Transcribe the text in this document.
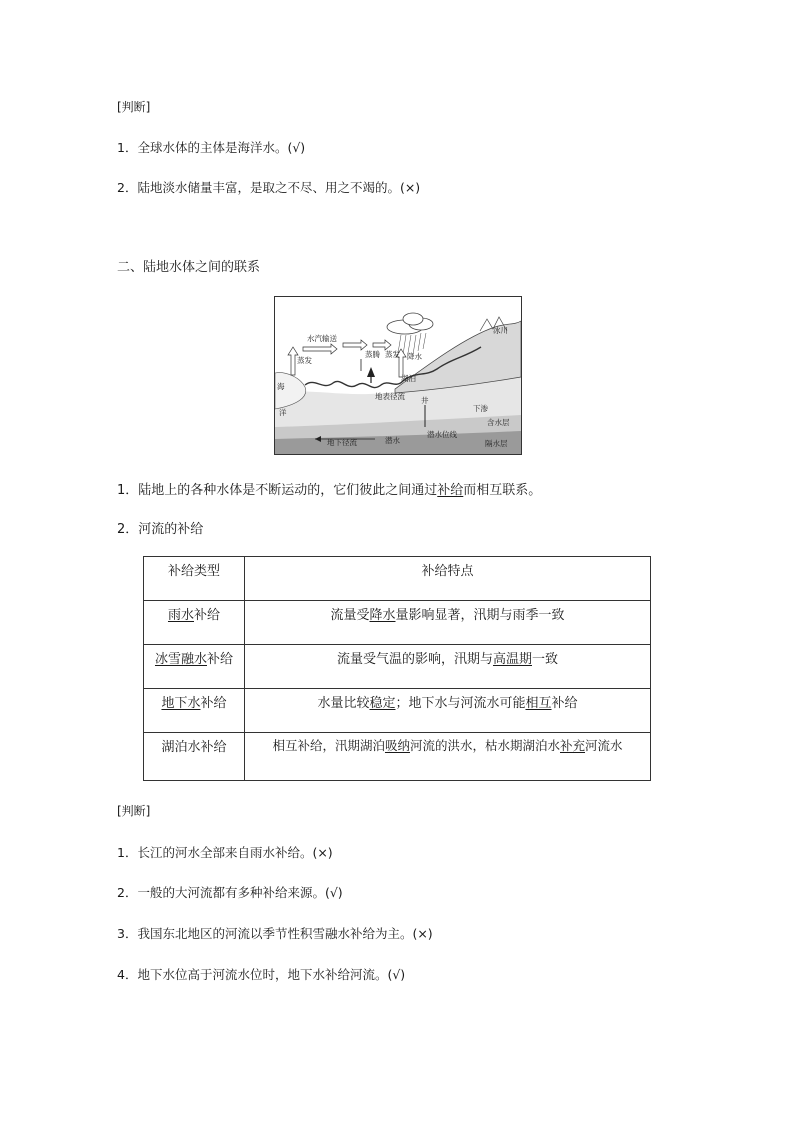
[判断]
1．全球水体的主体是海洋水。(√)
2．陆地淡水储量丰富，是取之不尽、用之不竭的。(×)
二、陆地水体之间的联系
水汽输送
蒸发
蒸腾 蒸发 降水
冰川
海
洋
湖泊
地表径流
下渗
井
含水层
隔水层
地下径流	潜水
潜水位线
1．陆地上的各种水体是不断运动的，它们彼此之间通过补给而相互联系。
2．河流的补给
补给类型	补给特点
雨水补给	流量受降水量影响显著，汛期与雨季一致
冰雪融水补给	流量受气温的影响，汛期与高温期一致
地下水补给	水量比较稳定；地下水与河流水可能相互补给
湖泊水补给	相互补给，汛期湖泊吸纳河流的洪水，枯水期湖泊水补充河流水
[判断]
1．长江的河水全部来自雨水补给。(×)
2．一般的大河流都有多种补给来源。(√)
3．我国东北地区的河流以季节性积雪融水补给为主。(×)
4．地下水位高于河流水位时，地下水补给河流。(√)
